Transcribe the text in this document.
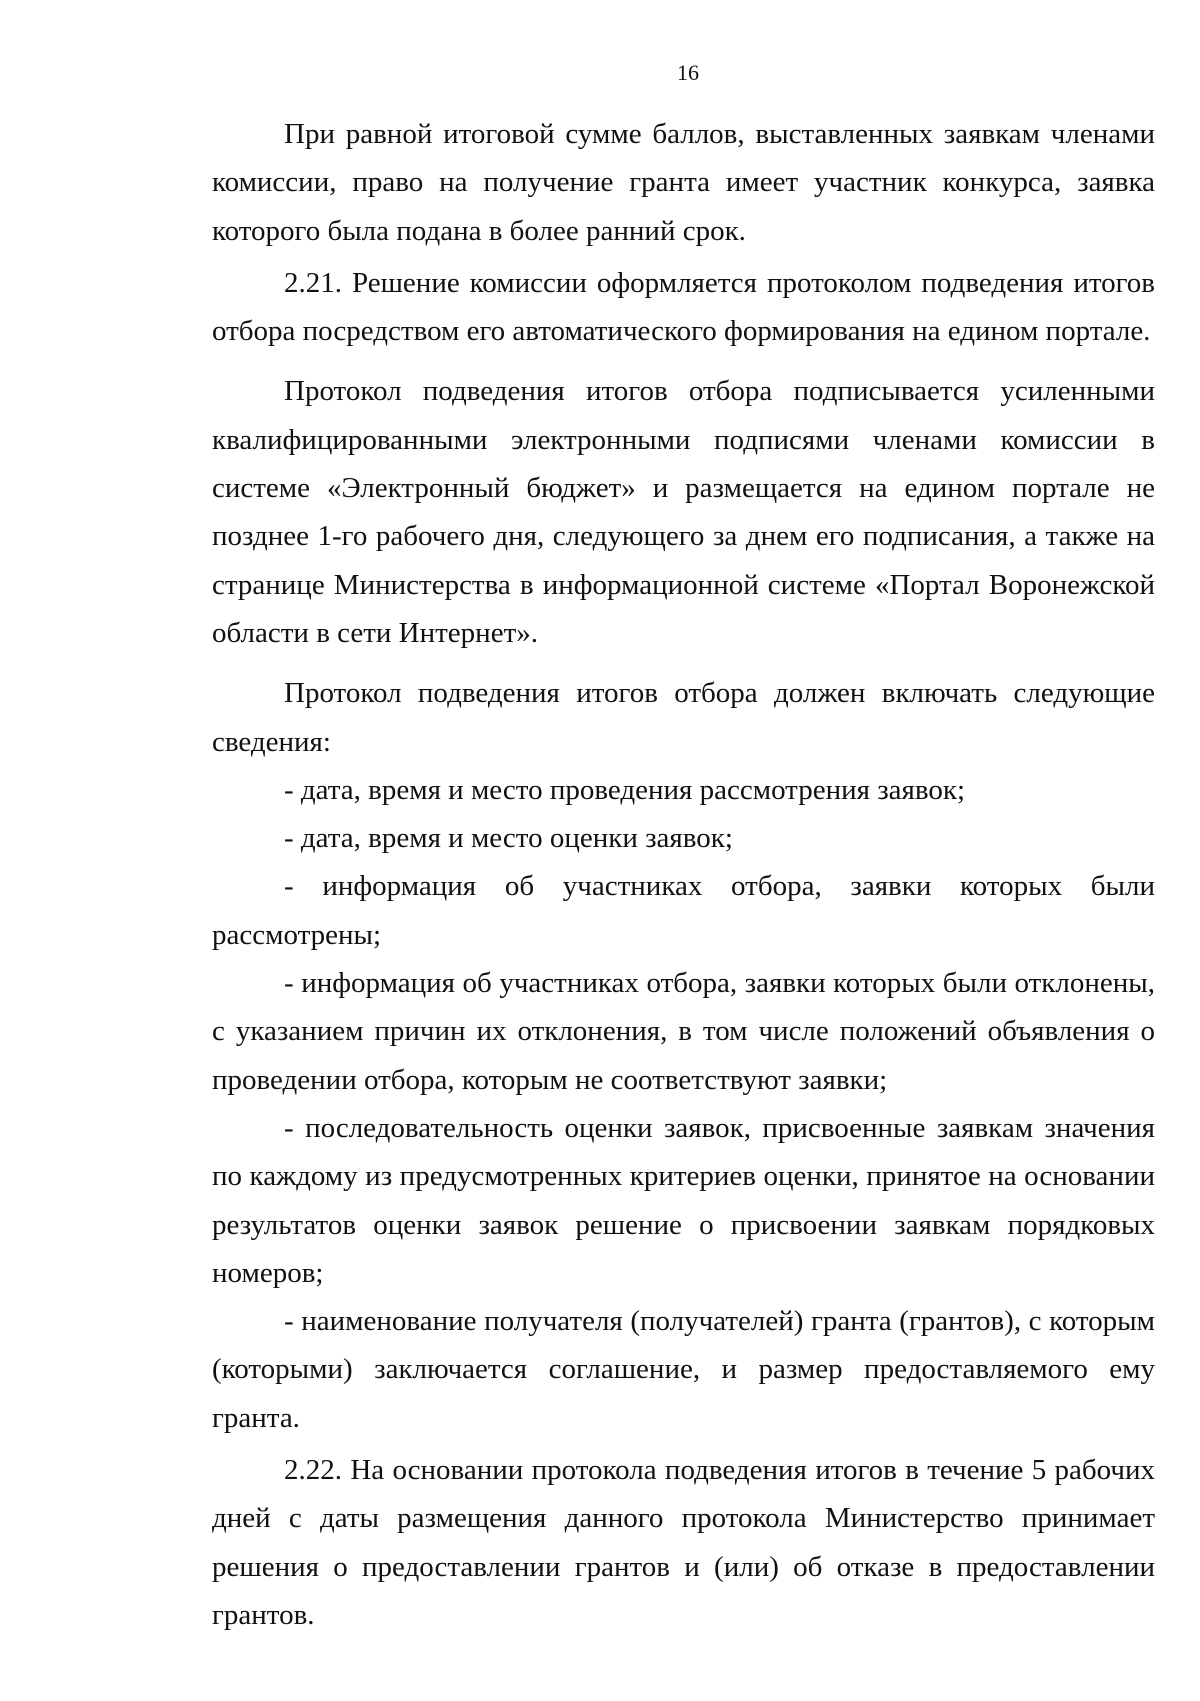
16

При равной итоговой сумме баллов, выставленных заявкам членами комиссии, право на получение гранта имеет участник конкурса, заявка которого была подана в более ранний срок.

2.21. Решение комиссии оформляется протоколом подведения итогов отбора посредством его автоматического формирования на едином портале.

Протокол подведения итогов отбора подписывается усиленными квалифицированными электронными подписями членами комиссии в системе «Электронный бюджет» и размещается на едином портале не позднее 1-го рабочего дня, следующего за днем его подписания, а также на странице Министерства в информационной системе «Портал Воронежской области в сети Интернет».

Протокол подведения итогов отбора должен включать следующие сведения:

- дата, время и место проведения рассмотрения заявок;

- дата, время и место оценки заявок;

- информация об участниках отбора, заявки которых были рассмотрены;

- информация об участниках отбора, заявки которых были отклонены, с указанием причин их отклонения, в том числе положений объявления о проведении отбора, которым не соответствуют заявки;

- последовательность оценки заявок, присвоенные заявкам значения по каждому из предусмотренных критериев оценки, принятое на основании результатов оценки заявок решение о присвоении заявкам порядковых номеров;

- наименование получателя (получателей) гранта (грантов), с которым (которыми) заключается соглашение, и размер предоставляемого ему гранта.

2.22. На основании протокола подведения итогов в течение 5 рабочих дней с даты размещения данного протокола Министерство принимает решения о предоставлении грантов и (или) об отказе в предоставлении грантов.
